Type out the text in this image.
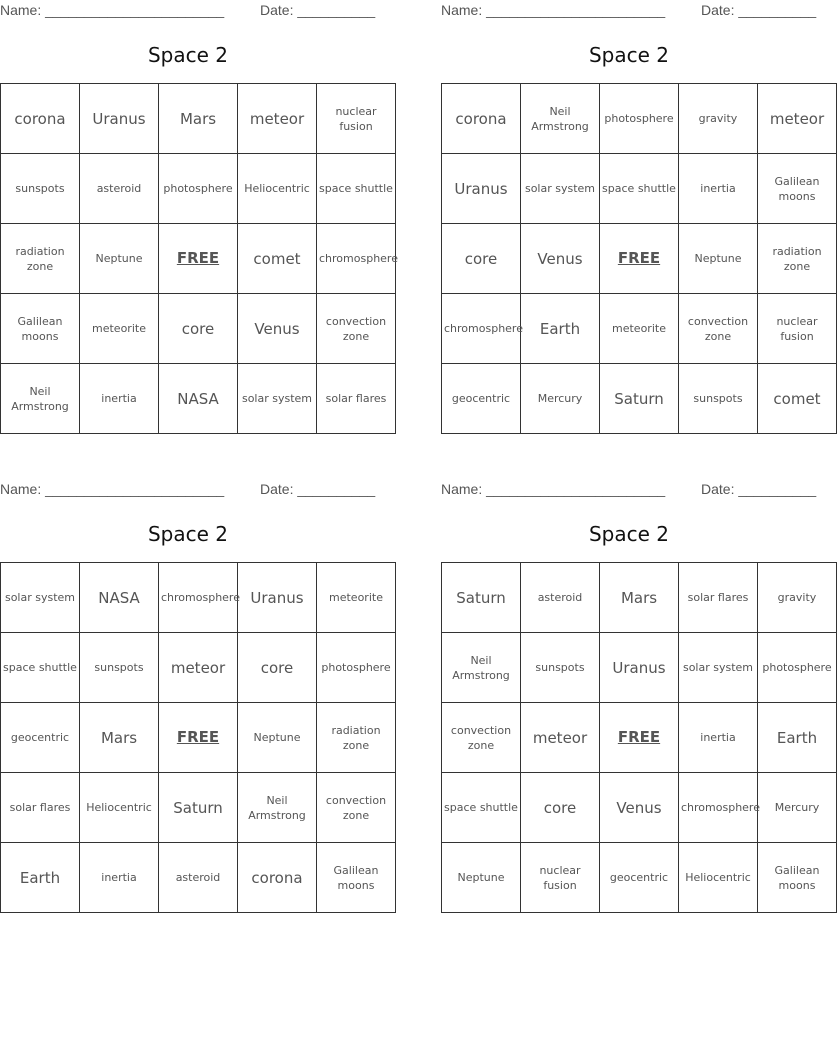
Name: _______________________	Date: __________
Space 2
corona	Uranus	Mars	meteor	nuclear fusion
sunspots	asteroid	photosphere	Heliocentric	space shuttle
radiation zone	Neptune	FREE	comet	chromosphere
Galilean moons	meteorite	core	Venus	convection zone
Neil Armstrong	inertia	NASA	solar system	solar flares
Name: _______________________	Date: __________
Space 2
corona	Neil Armstrong	photosphere	gravity	meteor
Uranus	solar system	space shuttle	inertia	Galilean moons
core	Venus	FREE	Neptune	radiation zone
chromosphere	Earth	meteorite	convection zone	nuclear fusion
geocentric	Mercury	Saturn	sunspots	comet
Name: _______________________	Date: __________
Space 2
solar system	NASA	chromosphere	Uranus	meteorite
space shuttle	sunspots	meteor	core	photosphere
geocentric	Mars	FREE	Neptune	radiation zone
solar flares	Heliocentric	Saturn	Neil Armstrong	convection zone
Earth	inertia	asteroid	corona	Galilean moons
Name: _______________________	Date: __________
Space 2
Saturn	asteroid	Mars	solar flares	gravity
Neil Armstrong	sunspots	Uranus	solar system	photosphere
convection zone	meteor	FREE	inertia	Earth
space shuttle	core	Venus	chromosphere	Mercury
Neptune	nuclear fusion	geocentric	Heliocentric	Galilean moons
